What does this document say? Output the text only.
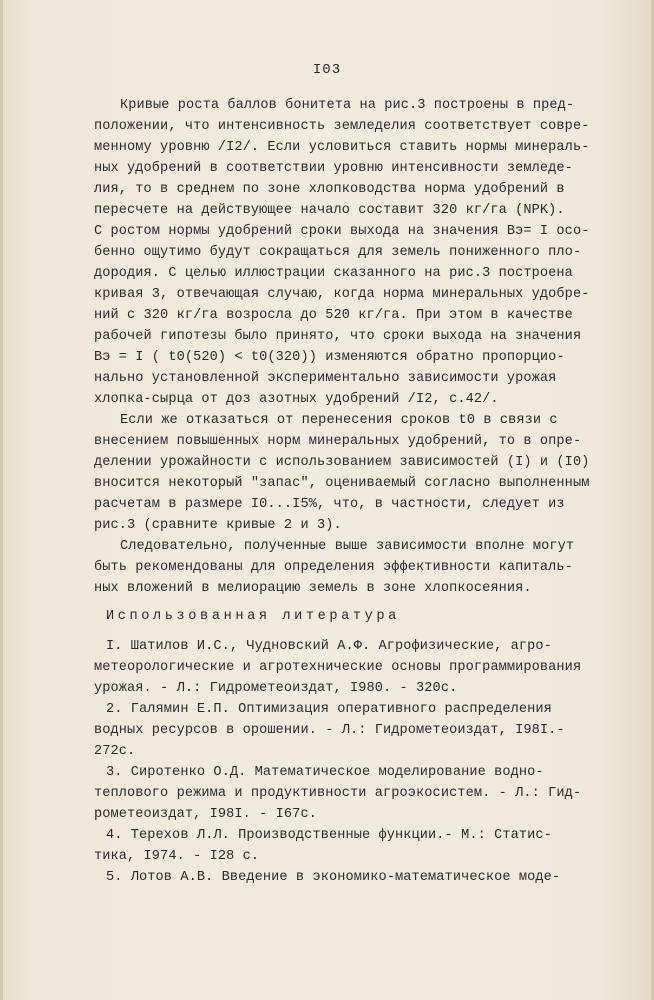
I03
Кривые роста баллов бонитета на рис.3 построены в пред-
положении, что интенсивность земледелия соответствует совре-
менному уровню /I2/. Если условиться ставить нормы минераль-
ных удобрений в соответствии уровню интенсивности земледе-
лия, то в среднем по зоне хлопководства норма удобрений в
пересчете на действующее начало составит 320 кг/га (NPK).
С ростом нормы удобрений сроки выхода на значения Bэ= I осо-
бенно ощутимо будут сокращаться для земель пониженного пло-
дородия. С целью иллюстрации сказанного на рис.3 построена
кривая 3, отвечающая случаю, когда норма минеральных удобре-
ний с 320 кг/га возросла до 520 кг/га. При этом в качестве
рабочей гипотезы было принято, что сроки выхода на значения
Bэ = I ( t0(520) < t0(320)) изменяются обратно пропорцио-
нально установленной экспериментально зависимости урожая
хлопка-сырца от доз азотных удобрений /I2, с.42/.
Если же отказаться от перенесения сроков t0 в связи с
внесением повышенных норм минеральных удобрений, то в опре-
делении урожайности с использованием зависимостей (I) и (I0)
вносится некоторый "запас", оцениваемый согласно выполненным
расчетам в размере I0...I5%, что, в частности, следует из
рис.3 (сравните кривые 2 и 3).
Следовательно, полученные выше зависимости вполне могут
быть рекомендованы для определения эффективности капиталь-
ных вложений в мелиорацию земель в зоне хлопкосеяния.
Использованная литература
I. Шатилов И.С., Чудновский А.Ф. Агрофизические, агро-
метеорологические и агротехнические основы программирования
урожая. - Л.: Гидрометеоиздат, I980. - 320с.
2. Галямин Е.П. Оптимизация оперативного распределения
водных ресурсов в орошении. - Л.: Гидрометеоиздат, I98I.-
272с.
3. Сиротенко О.Д. Математическое моделирование водно-
теплового режима и продуктивности агроэкосистем. - Л.: Гид-
рометеоиздат, I98I. - I67с.
4. Терехов Л.Л. Производственные функции.- М.: Статис-
тика, I974. - I28 с.
5. Лотов А.В. Введение в экономико-математическое моде-
